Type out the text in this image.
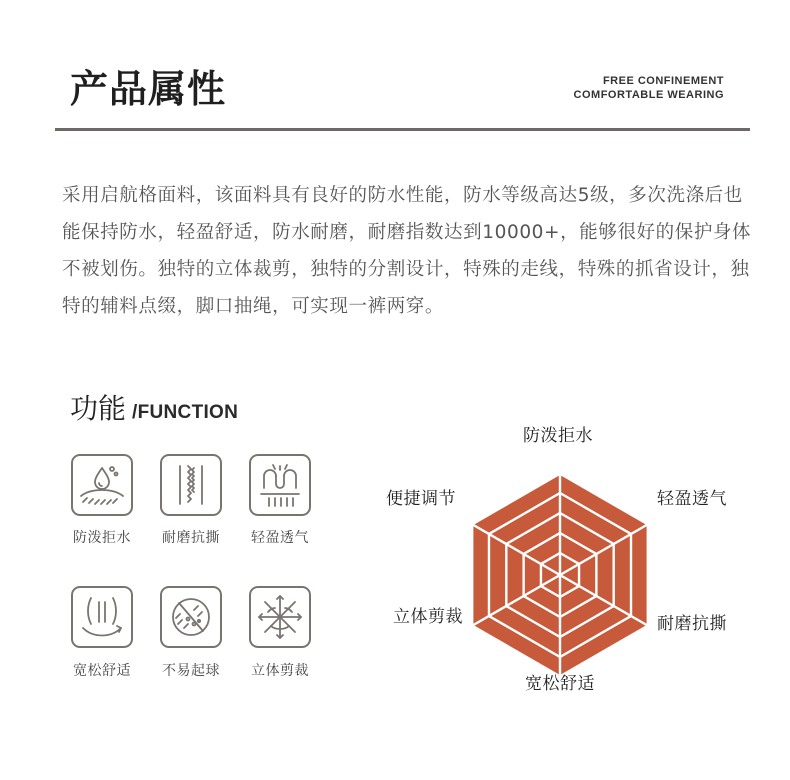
产品属性	FREE CONFINEMENT
COMFORTABLE WEARING
采用启航格面料，该面料具有良好的防水性能，防水等级高达5级，多次洗涤后也能保持防水，轻盈舒适，防水耐磨，耐磨指数达到10000+，能够很好的保护身体不被划伤。独特的立体裁剪，独特的分割设计，特殊的走线，特殊的抓省设计，独特的辅料点缀，脚口抽绳，可实现一裤两穿。
功能 /FUNCTION
防泼拒水	耐磨抗撕	轻盈透气
宽松舒适	不易起球	立体剪裁
防泼拒水
轻盈透气
耐磨抗撕
宽松舒适
立体剪裁
便捷调节
